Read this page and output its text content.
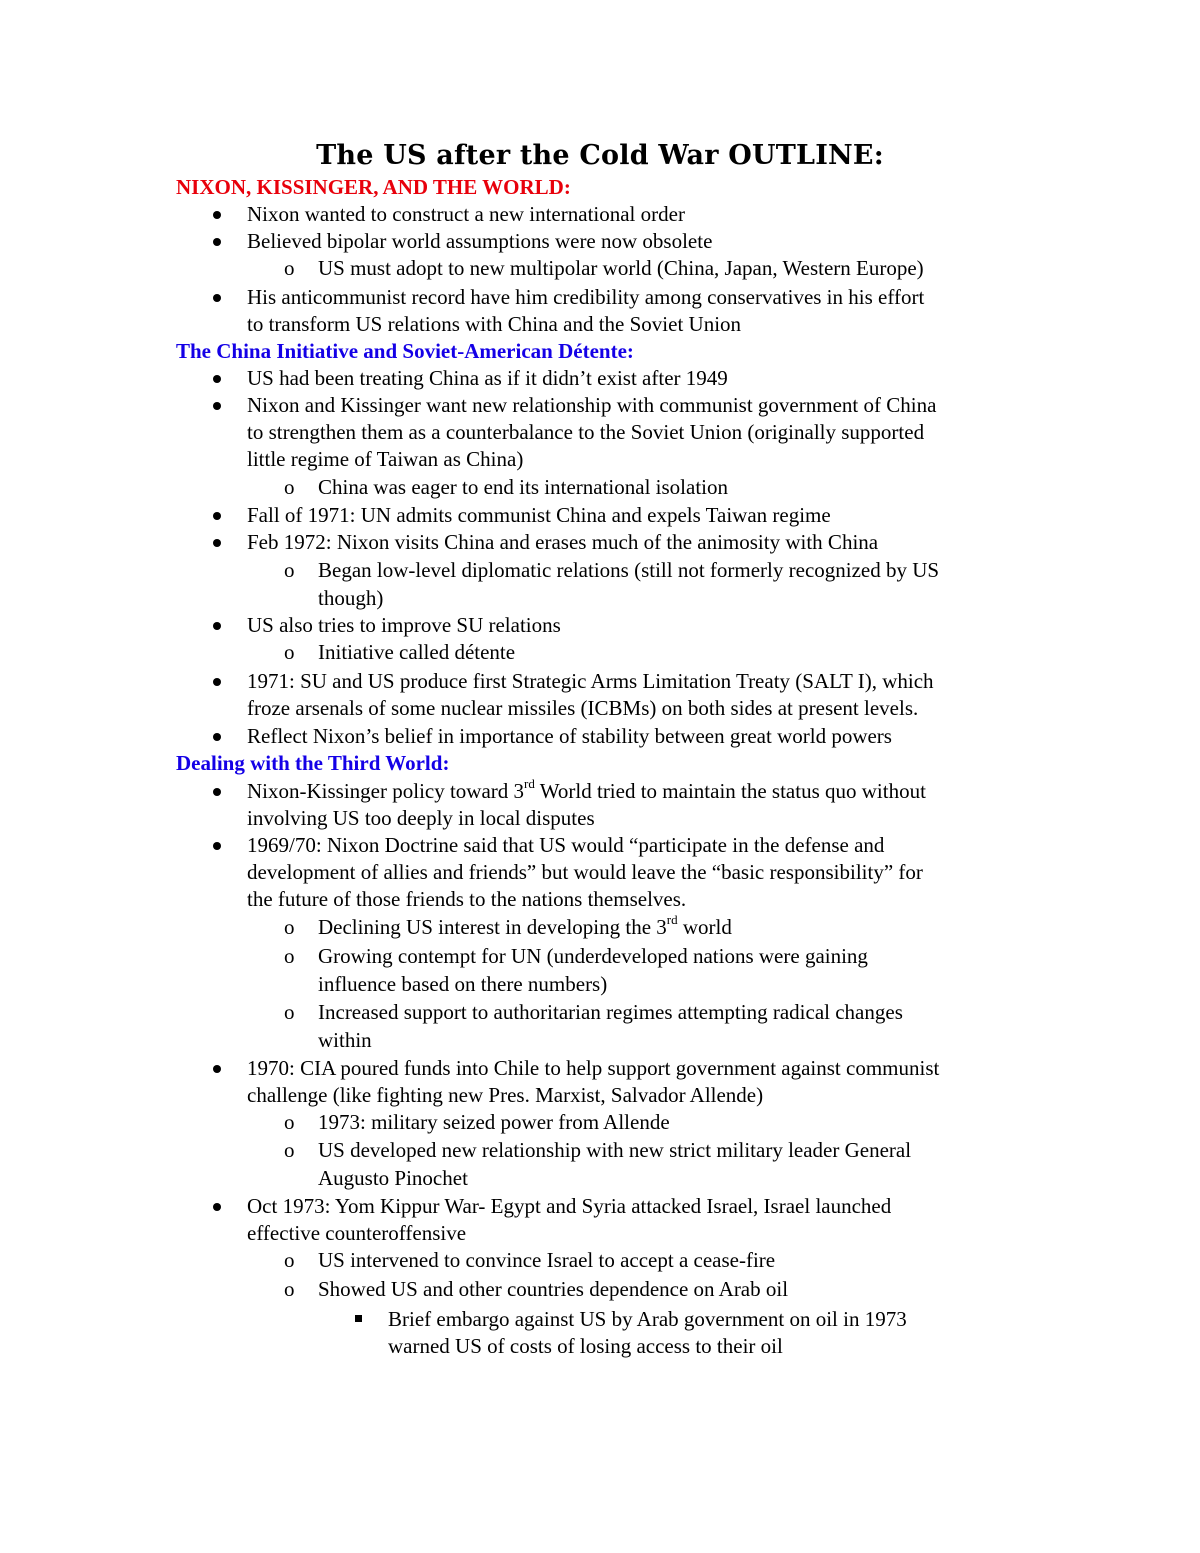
The US after the Cold War OUTLINE:
NIXON, KISSINGER, AND THE WORLD:
Nixon wanted to construct a new international order
Believed bipolar world assumptions were now obsolete
o US must adopt to new multipolar world (China, Japan, Western Europe)
His anticommunist record have him credibility among conservatives in his effort
to transform US relations with China and the Soviet Union
The China Initiative and Soviet-American Détente:
US had been treating China as if it didn’t exist after 1949
Nixon and Kissinger want new relationship with communist government of China
to strengthen them as a counterbalance to the Soviet Union (originally supported
little regime of Taiwan as China)
o China was eager to end its international isolation
Fall of 1971: UN admits communist China and expels Taiwan regime
Feb 1972: Nixon visits China and erases much of the animosity with China
o Began low-level diplomatic relations (still not formerly recognized by US
though)
US also tries to improve SU relations
o Initiative called détente
1971: SU and US produce first Strategic Arms Limitation Treaty (SALT I), which
froze arsenals of some nuclear missiles (ICBMs) on both sides at present levels.
Reflect Nixon’s belief in importance of stability between great world powers
Dealing with the Third World:
Nixon-Kissinger policy toward 3rd World tried to maintain the status quo without
involving US too deeply in local disputes
1969/70: Nixon Doctrine said that US would “participate in the defense and
development of allies and friends” but would leave the “basic responsibility” for
the future of those friends to the nations themselves.
o Declining US interest in developing the 3rd world
o Growing contempt for UN (underdeveloped nations were gaining
influence based on there numbers)
o Increased support to authoritarian regimes attempting radical changes
within
1970: CIA poured funds into Chile to help support government against communist
challenge (like fighting new Pres. Marxist, Salvador Allende)
o 1973: military seized power from Allende
o US developed new relationship with new strict military leader General
Augusto Pinochet
Oct 1973: Yom Kippur War- Egypt and Syria attacked Israel, Israel launched
effective counteroffensive
o US intervened to convince Israel to accept a cease-fire
o Showed US and other countries dependence on Arab oil
Brief embargo against US by Arab government on oil in 1973
warned US of costs of losing access to their oil
